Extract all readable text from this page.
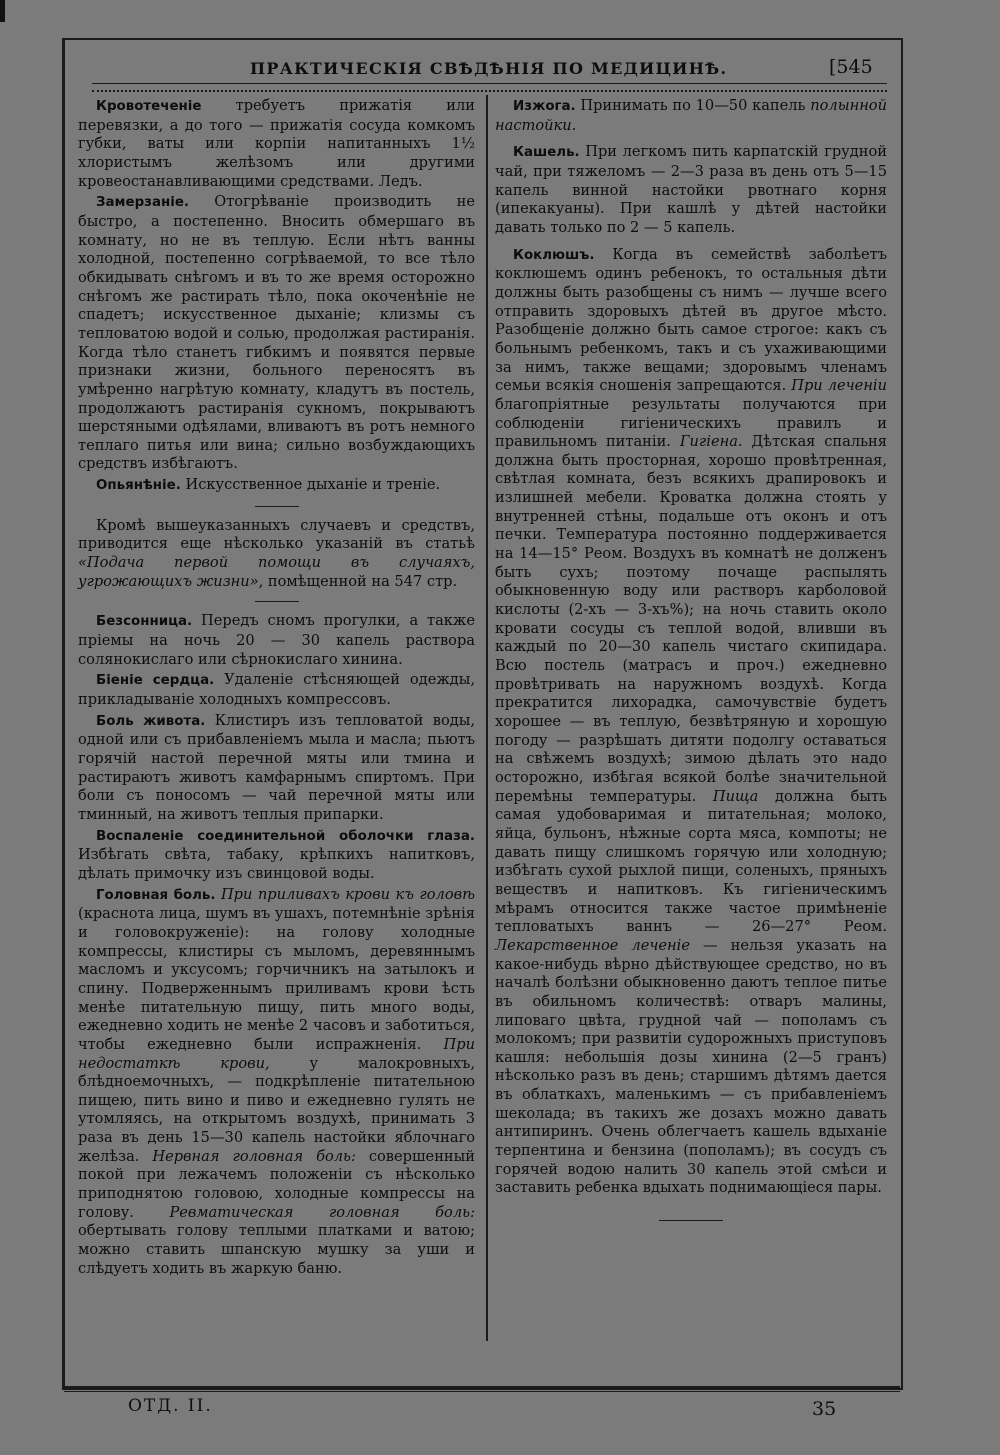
ПРАКТИЧЕСКІЯ СВѢДѢНІЯ ПО МЕДИЦИНѢ.	[545

Кровотеченіе требуетъ прижатія или перевязки, а до того — прижатія сосуда комкомъ губки, ваты или корпіи напитанныхъ 1½ хлористымъ желѣзомъ или другими кровеостанавливающими средствами. Ледъ.

Замерзаніе. Отогрѣваніе производить не быстро, а постепенно. Вносить обмершаго въ комнату, но не въ теплую. Если нѣтъ ванны холодной, постепенно согрѣваемой, то все тѣло обкидывать снѣгомъ и въ то же время осторожно снѣгомъ же растирать тѣло, пока окоченѣніе не спадетъ; искусственное дыханіе; клизмы съ тепловатою водой и солью, продолжая растиранія. Когда тѣло станетъ гибкимъ и появятся первые признаки жизни, больного переносятъ въ умѣренно нагрѣтую комнату, кладутъ въ постель, продолжаютъ растиранія сукномъ, покрываютъ шерстяными одѣялами, вливаютъ въ ротъ немного теплаго питья или вина; сильно возбуждающихъ средствъ избѣгаютъ.

Опьянѣніе. Искусственное дыханіе и треніе.

Кромѣ вышеуказанныхъ случаевъ и средствъ, приводится еще нѣсколько указаній въ статьѣ «Подача первой помощи въ случаяхъ, угрожающихъ жизни», помѣщенной на 547 стр.

Безсонница. Передъ сномъ прогулки, а также пріемы на ночь 20 — 30 капель раствора солянокислаго или сѣрнокислаго хинина.

Біеніе сердца. Удаленіе стѣсняющей одежды, прикладываніе холодныхъ компрессовъ.

Боль живота. Клистиръ изъ тепловатой воды, одной или съ прибавленіемъ мыла и масла; пьютъ горячій настой перечной мяты или тмина и растираютъ животъ камфарнымъ спиртомъ. При боли съ поносомъ — чай перечной мяты или тминный, на животъ теплыя припарки.

Воспаленіе соединительной оболочки глаза. Избѣгать свѣта, табаку, крѣпкихъ напитковъ, дѣлать примочку изъ свинцовой воды.

Головная боль. При приливахъ крови къ головѣ (краснота лица, шумъ въ ушахъ, потемнѣніе зрѣнія и головокруженіе): на голову холодные компрессы, клистиры съ мыломъ, деревяннымъ масломъ и уксусомъ; горчичникъ на затылокъ и спину. Подверженнымъ приливамъ крови ѣсть менѣе питательную пищу, пить много воды, ежедневно ходить не менѣе 2 часовъ и заботиться, чтобы ежедневно были испражненія. При недостаткѣ крови, у малокровныхъ, блѣдноемочныхъ, — подкрѣпленіе питательною пищею, пить вино и пиво и ежедневно гулять не утомляясь, на открытомъ воздухѣ, принимать 3 раза въ день 15—30 капель настойки яблочнаго желѣза. Нервная головная боль: совершенный покой при лежачемъ положеніи съ нѣсколько приподнятою головою, холодные компрессы на голову. Ревматическая головная боль: обертывать голову теплыми платками и ватою; можно ставить шпанскую мушку за уши и слѣдуетъ ходить въ жаркую баню.

Изжога. Принимать по 10—50 капель полынной настойки.

Кашель. При легкомъ пить карпатскій грудной чай, при тяжеломъ — 2—3 раза въ день отъ 5—15 капель винной настойки рвотнаго корня (ипекакуаны). При кашлѣ у дѣтей настойки давать только по 2 — 5 капель.

Коклюшъ. Когда въ семействѣ заболѣетъ коклюшемъ одинъ ребенокъ, то остальныя дѣти должны быть разобщены съ нимъ — лучше всего отправить здоровыхъ дѣтей въ другое мѣсто. Разобщеніе должно быть самое строгое: какъ съ больнымъ ребенкомъ, такъ и съ ухаживающими за нимъ, также вещами; здоровымъ членамъ семьи всякія сношенія запрещаются. При леченіи благопріятные результаты получаются при соблюденіи гигіеническихъ правилъ и правильномъ питаніи. Гигіена. Дѣтская спальня должна быть просторная, хорошо провѣтренная, свѣтлая комната, безъ всякихъ драпировокъ и излишней мебели. Кроватка должна стоять у внутренней стѣны, подальше отъ оконъ и отъ печки. Температура постоянно поддерживается на 14—15° Реом. Воздухъ въ комнатѣ не долженъ быть сухъ; поэтому почаще распылять обыкновенную воду или растворъ карболовой кислоты (2-хъ — 3-хъ%); на ночь ставить около кровати сосуды съ теплой водой, вливши въ каждый по 20—30 капель чистаго скипидара. Всю постель (матрасъ и проч.) ежедневно провѣтривать на наружномъ воздухѣ. Когда прекратится лихорадка, самочувствіе будетъ хорошее — въ теплую, безвѣтряную и хорошую погоду — разрѣшать дитяти подолгу оставаться на свѣжемъ воздухѣ; зимою дѣлать это надо осторожно, избѣгая всякой болѣе значительной перемѣны температуры. Пища должна быть самая удобоваримая и питательная; молоко, яйца, бульонъ, нѣжные сорта мяса, компоты; не давать пищу слишкомъ горячую или холодную; избѣгать сухой рыхлой пищи, соленыхъ, пряныхъ веществъ и напитковъ. Къ гигіеническимъ мѣрамъ относится также частое примѣненіе тепловатыхъ ваннъ — 26—27° Реом. Лекарственное леченіе — нельзя указать на какое-нибудь вѣрно дѣйствующее средство, но въ началѣ болѣзни обыкновенно даютъ теплое питье въ обильномъ количествѣ: отваръ малины, липоваго цвѣта, грудной чай — пополамъ съ молокомъ; при развитіи судорожныхъ приступовъ кашля: небольшія дозы хинина (2—5 гранъ) нѣсколько разъ въ день; старшимъ дѣтямъ дается въ облаткахъ, маленькимъ — съ прибавленіемъ шеколада; въ такихъ же дозахъ можно давать антипиринъ. Очень облегчаетъ кашель вдыханіе терпентина и бензина (пополамъ); въ сосудъ съ горячей водою налить 30 капель этой смѣси и заставить ребенка вдыхать поднимающіеся пары.

ОТД. II.	35
